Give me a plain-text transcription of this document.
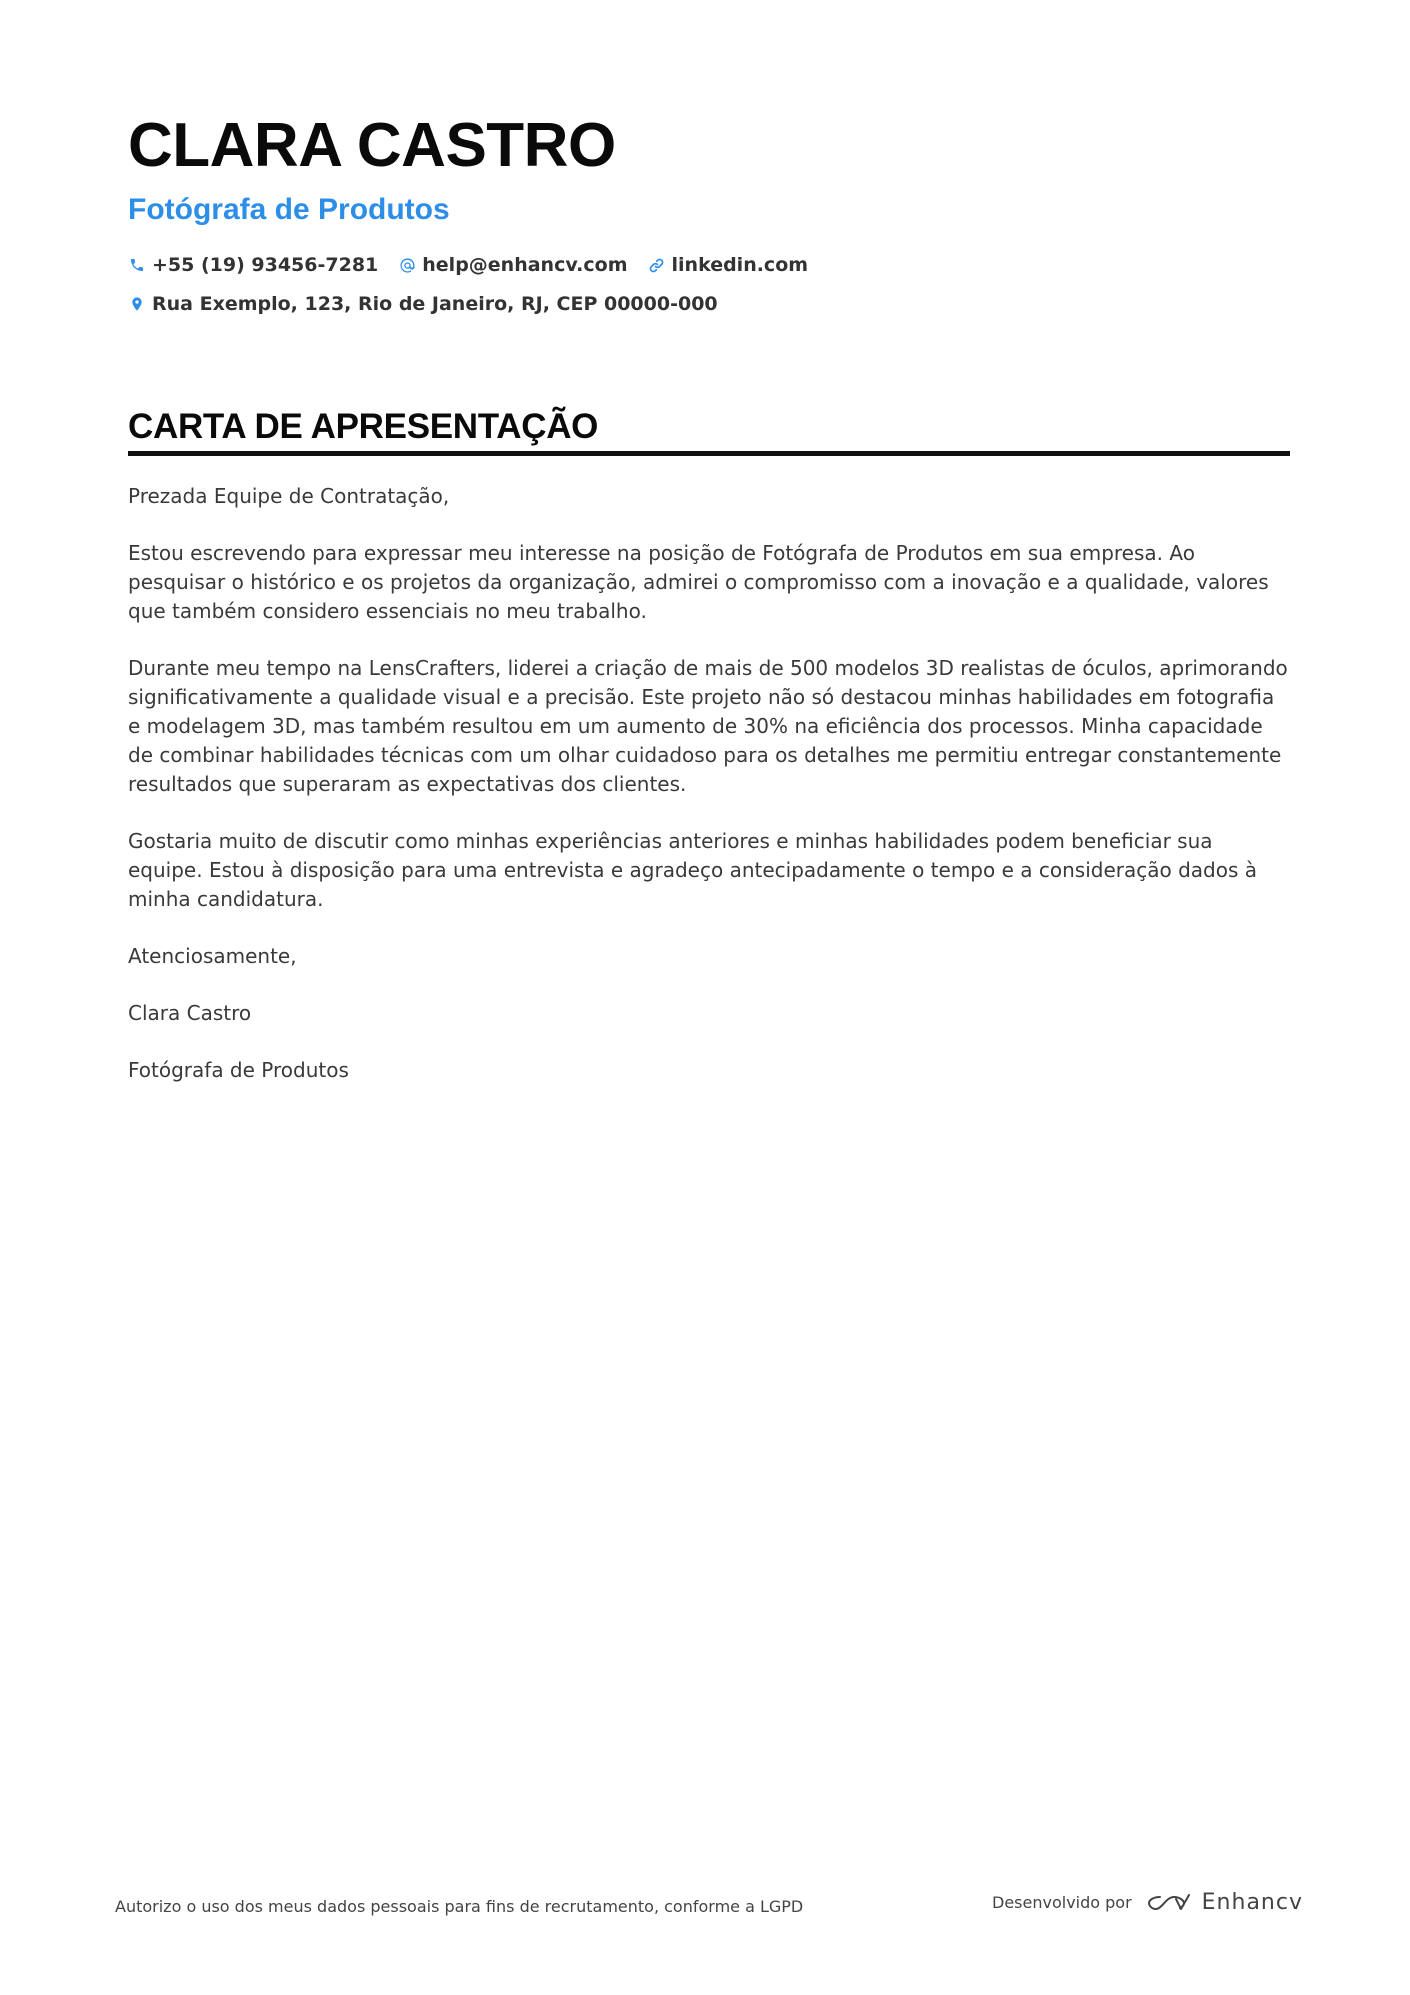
CLARA CASTRO
Fotógrafa de Produtos
+55 (19) 93456-7281 help@enhancv.com linkedin.com
Rua Exemplo, 123, Rio de Janeiro, RJ, CEP 00000-000
CARTA DE APRESENTAÇÃO

Prezada Equipe de Contratação,

Estou escrevendo para expressar meu interesse na posição de Fotógrafa de Produtos em sua empresa. Ao pesquisar o histórico e os projetos da organização, admirei o compromisso com a inovação e a qualidade, valores que também considero essenciais no meu trabalho.

Durante meu tempo na LensCrafters, liderei a criação de mais de 500 modelos 3D realistas de óculos, aprimorando significativamente a qualidade visual e a precisão. Este projeto não só destacou minhas habilidades em fotografia e modelagem 3D, mas também resultou em um aumento de 30% na eficiência dos processos. Minha capacidade de combinar habilidades técnicas com um olhar cuidadoso para os detalhes me permitiu entregar constantemente resultados que superaram as expectativas dos clientes.

Gostaria muito de discutir como minhas experiências anteriores e minhas habilidades podem beneficiar sua equipe. Estou à disposição para uma entrevista e agradeço antecipadamente o tempo e a consideração dados à minha candidatura.

Atenciosamente,

Clara Castro

Fotógrafa de Produtos

Autorizo o uso dos meus dados pessoais para fins de recrutamento, conforme a LGPD	Desenvolvido por	Enhancv
